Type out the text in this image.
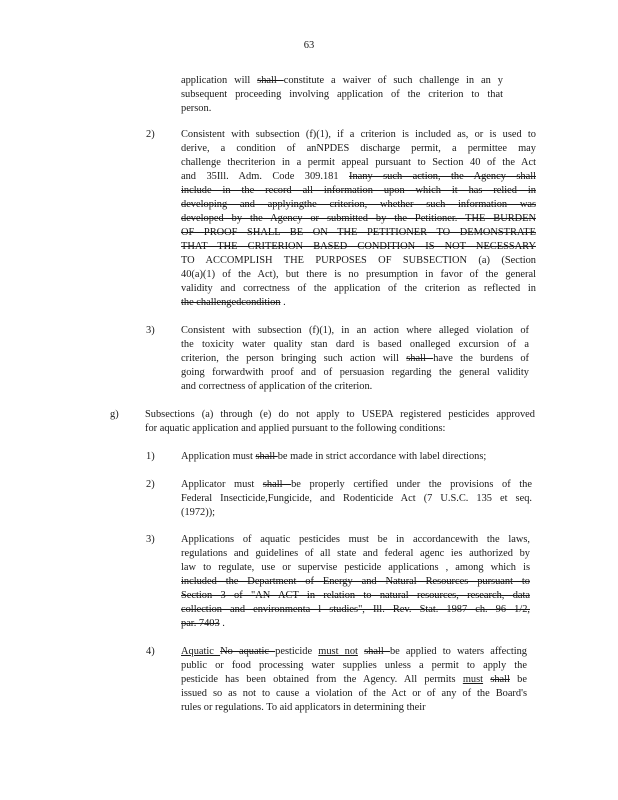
63
application will shall constitute a waiver of such challenge in an y
subsequent proceeding involving application of the criterion to that
person.
2)	Consistent with subsection (f)(1), if a criterion is included as, or is used to
derive, a condition of anNPDES discharge permit, a permittee may
challenge thecriterion in a permit appeal pursuant to Section 40 of the Act
and 35Ill. Adm. Code 309.181 Inany such action, the Agency shall
include in the record all information upon which it has relied in
developing and applyingthe criterion, whether such information was
developed by the Agency or submitted by the Petitioner. THE BURDEN
OF PROOF SHALL BE ON THE PETITIONER TO DEMONSTRATE
THAT THE CRITERION BASED CONDITION IS NOT NECESSARY
TO ACCOMPLISH THE PURPOSES OF SUBSECTION (a) (Section
40(a)(1) of the Act), but there is no presumption in favor of the general
validity and correctness of the application of the criterion as reflected in
the challengedcondition .
3)	Consistent with subsection (f)(1), in an action where alleged violation of
the toxicity water quality stan dard is based onalleged excursion of a
criterion, the person bringing such action will shall have the burdens of
going forwardwith proof and of persuasion regarding the general validity
and correctness of application of the criterion.
g)	Subsections (a) through (e) do not apply to USEPA registered pesticides approved
for aquatic application and applied pursuant to the following conditions:
1)	Application must shall be made in strict accordance with label directions;
2)	Applicator must shall be properly certified under the provisions of the
Federal Insecticide,Fungicide, and Rodenticide Act (7 U.S.C. 135 et seq.
(1972));
3)	Applications of aquatic pesticides must be in accordancewith the laws,
regulations and guidelines of all state and federal agenc ies authorized by
law to regulate, use or supervise pesticide applications , among which is
included the Department of Energy and Natural Resources pursuant to
Section 3 of "AN ACT in relation to natural resources, research, data
collection and environmenta l studies", Ill. Rev. Stat. 1987 ch. 96 1/2,
par. 7403 .
4)	Aquatic No aquatic pesticide must not shall be applied to waters affecting
public or food processing water supplies unless a permit to apply the
pesticide has been obtained from the Agency. All permits must shall be
issued so as not to cause a violation of the Act or of any of the Board's
rules or regulations. To aid applicators in determining their
